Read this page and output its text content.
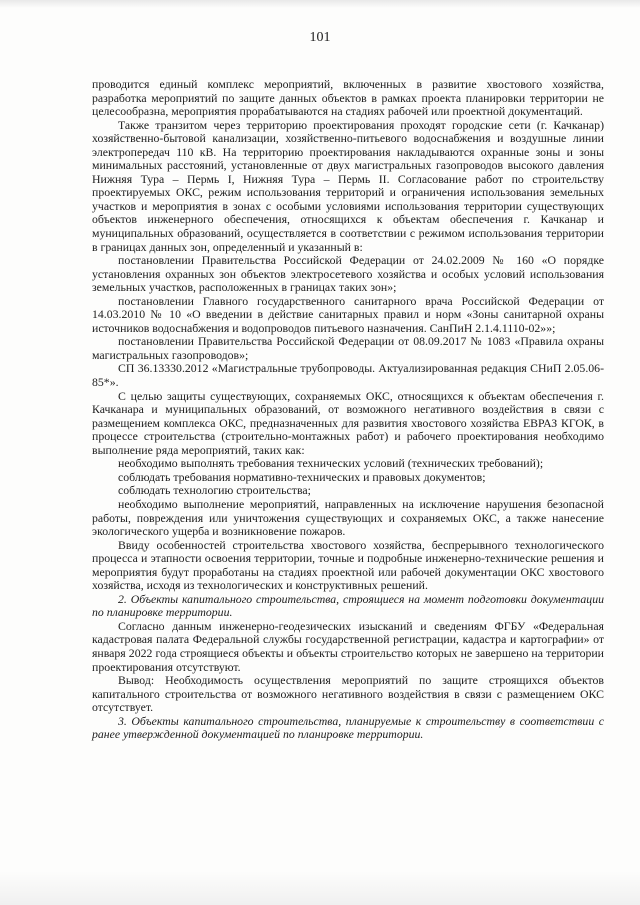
101

проводится единый комплекс мероприятий, включенных в развитие хвостового хозяйства, разработка мероприятий по защите данных объектов в рамках проекта планировки территории не целесообразна, мероприятия прорабатываются на стадиях рабочей или проектной документаций.

Также транзитом через территорию проектирования проходят городские сети (г. Качканар) хозяйственно-бытовой канализации, хозяйственно-питьевого водоснабжения и воздушные линии электропередач 110 кВ. На территорию проектирования накладываются охранные зоны и зоны минимальных расстояний, установленные от двух магистральных газопроводов высокого давления Нижняя Тура – Пермь I, Нижняя Тура – Пермь II. Согласование работ по строительству проектируемых ОКС, режим использования территорий и ограничения использования земельных участков и мероприятия в зонах с особыми условиями использования территории существующих объектов инженерного обеспечения, относящихся к объектам обеспечения г. Качканар и муниципальных образований, осуществляется в соответствии с режимом использования территории в границах данных зон, определенный и указанный в:

постановлении Правительства Российской Федерации от 24.02.2009 № 160 «О порядке установления охранных зон объектов электросетевого хозяйства и особых условий использования земельных участков, расположенных в границах таких зон»;

постановлении Главного государственного санитарного врача Российской Федерации от 14.03.2010 № 10 «О введении в действие санитарных правил и норм «Зоны санитарной охраны источников водоснабжения и водопроводов питьевого назначения. СанПиН 2.1.4.1110-02»»;

постановлении Правительства Российской Федерации от 08.09.2017 № 1083 «Правила охраны магистральных газопроводов»;

СП 36.13330.2012 «Магистральные трубопроводы. Актуализированная редакция СНиП 2.05.06-85*».

С целью защиты существующих, сохраняемых ОКС, относящихся к объектам обеспечения г. Качканара и муниципальных образований, от возможного негативного воздействия в связи с размещением комплекса ОКС, предназначенных для развития хвостового хозяйства ЕВРАЗ КГОК, в процессе строительства (строительно-монтажных работ) и рабочего проектирования необходимо выполнение ряда мероприятий, таких как:

необходимо выполнять требования технических условий (технических требований);

соблюдать требования нормативно-технических и правовых документов;

соблюдать технологию строительства;

необходимо выполнение мероприятий, направленных на исключение нарушения безопасной работы, повреждения или уничтожения существующих и сохраняемых ОКС, а также нанесение экологического ущерба и возникновение пожаров.

Ввиду особенностей строительства хвостового хозяйства, беспрерывного технологического процесса и этапности освоения территории, точные и подробные инженерно-технические решения и мероприятия будут проработаны на стадиях проектной или рабочей документации ОКС хвостового хозяйства, исходя из технологических и конструктивных решений.

2. Объекты капитального строительства, строящиеся на момент подготовки документации по планировке территории.

Согласно данным инженерно-геодезических изысканий и сведениям ФГБУ «Федеральная кадастровая палата Федеральной службы государственной регистрации, кадастра и картографии» от января 2022 года строящиеся объекты и объекты строительство которых не завершено на территории проектирования отсутствуют.

Вывод: Необходимость осуществления мероприятий по защите строящихся объектов капитального строительства от возможного негативного воздействия в связи с размещением ОКС отсутствует.

3. Объекты капитального строительства, планируемые к строительству в соответствии с ранее утвержденной документацией по планировке территории.
